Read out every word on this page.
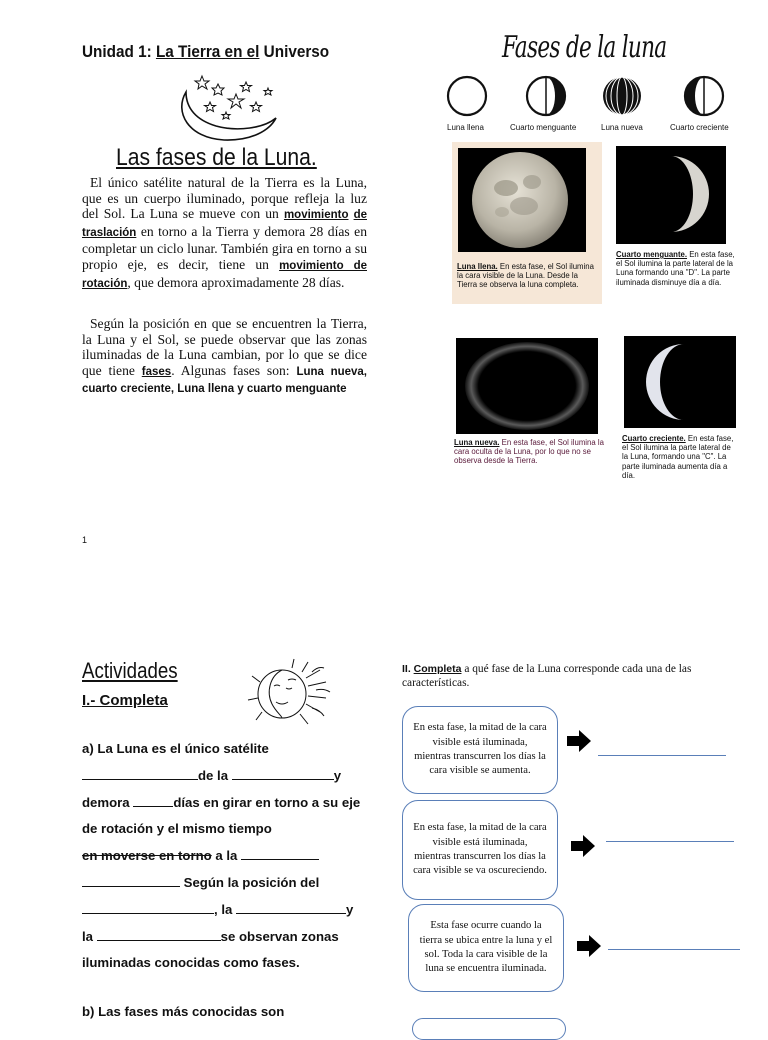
Unidad 1: La Tierra en el Universo
Las fases de la Luna.

El único satélite natural de la Tierra es la Luna, que es un cuerpo iluminado, porque refleja la luz del Sol. La Luna se mueve con un movimiento de traslación en torno a la Tierra y demora 28 días en completar un ciclo lunar. También gira en torno a su propio eje, es decir, tiene un movimiento de rotación, que demora aproximadamente 28 días.

Según la posición en que se encuentren la Tierra, la Luna y el Sol, se puede observar que las zonas iluminadas de la Luna cambian, por lo que se dice que tiene fases. Algunas fases son: Luna nueva, cuarto creciente, Luna llena y cuarto menguante

1
Fases de la luna
Luna llena	Cuarto menguante	Luna nueva	Cuarto creciente
Luna llena. En esta fase, el Sol ilumina la cara visible de la Luna. Desde la Tierra se observa la luna completa.
Cuarto menguante. En esta fase, el Sol ilumina la parte lateral de la Luna formando una "D". La parte iluminada disminuye día a día.
Luna nueva. En esta fase, el Sol ilumina la cara oculta de la Luna, por lo que no se observa desde la Tierra.
Cuarto creciente. En esta fase, el Sol ilumina la parte lateral de la Luna, formando una "C". La parte iluminada aumenta día a día.
Actividades
I.- Completa
a) La Luna es el único satélite
de la	y demora	días en girar en torno a su eje de rotación y el mismo tiempo
en moverse en torno a la
Según la posición del
, la	y
la	se observan zonas iluminadas conocidas como fases.
b) Las fases más conocidas son
II. Completa a qué fase de la Luna corresponde cada una de las características.
En esta fase, la mitad de la cara visible está iluminada, mientras transcurren los días la cara visible se aumenta.
En esta fase, la mitad de la cara visible está iluminada, mientras transcurren los días la cara visible se va oscureciendo.
Esta fase ocurre cuando la tierra se ubica entre la luna y el sol. Toda la cara visible de la luna se encuentra iluminada.
